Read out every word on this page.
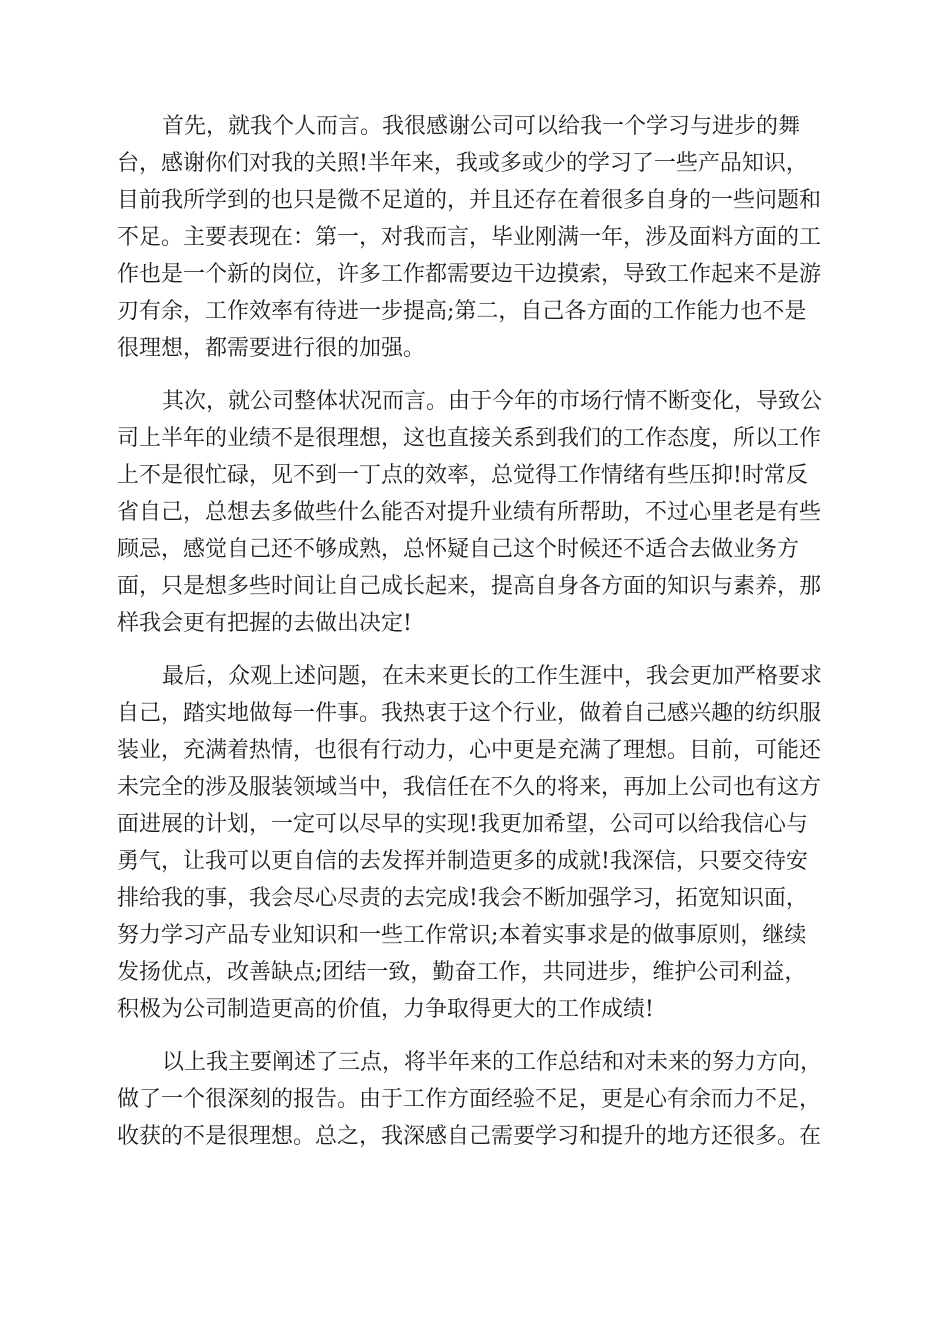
首先，就我个人而言。我很感谢公司可以给我一个学习与进步的舞
台，感谢你们对我的关照!半年来，我或多或少的学习了一些产品知识，
目前我所学到的也只是微不足道的，并且还存在着很多自身的一些问题和
不足。主要表现在：第一，对我而言，毕业刚满一年，涉及面料方面的工
作也是一个新的岗位，许多工作都需要边干边摸索，导致工作起来不是游
刃有余，工作效率有待进一步提高;第二，自己各方面的工作能力也不是
很理想，都需要进行很的加强。
其次，就公司整体状况而言。由于今年的市场行情不断变化，导致公
司上半年的业绩不是很理想，这也直接关系到我们的工作态度，所以工作
上不是很忙碌，见不到一丁点的效率，总觉得工作情绪有些压抑!时常反
省自己，总想去多做些什么能否对提升业绩有所帮助，不过心里老是有些
顾忌，感觉自己还不够成熟，总怀疑自己这个时候还不适合去做业务方
面，只是想多些时间让自己成长起来，提高自身各方面的知识与素养，那
样我会更有把握的去做出决定!
最后，众观上述问题，在未来更长的工作生涯中，我会更加严格要求
自己，踏实地做每一件事。我热衷于这个行业，做着自己感兴趣的纺织服
装业，充满着热情，也很有行动力，心中更是充满了理想。目前，可能还
未完全的涉及服装领域当中，我信任在不久的将来，再加上公司也有这方
面进展的计划，一定可以尽早的实现!我更加希望，公司可以给我信心与
勇气，让我可以更自信的去发挥并制造更多的成就!我深信，只要交待安
排给我的事，我会尽心尽责的去完成!我会不断加强学习，拓宽知识面，
努力学习产品专业知识和一些工作常识;本着实事求是的做事原则，继续
发扬优点，改善缺点;团结一致，勤奋工作，共同进步，维护公司利益，
积极为公司制造更高的价值，力争取得更大的工作成绩!
以上我主要阐述了三点，将半年来的工作总结和对未来的努力方向，
做了一个很深刻的报告。由于工作方面经验不足，更是心有余而力不足，
收获的不是很理想。总之，我深感自己需要学习和提升的地方还很多。在
